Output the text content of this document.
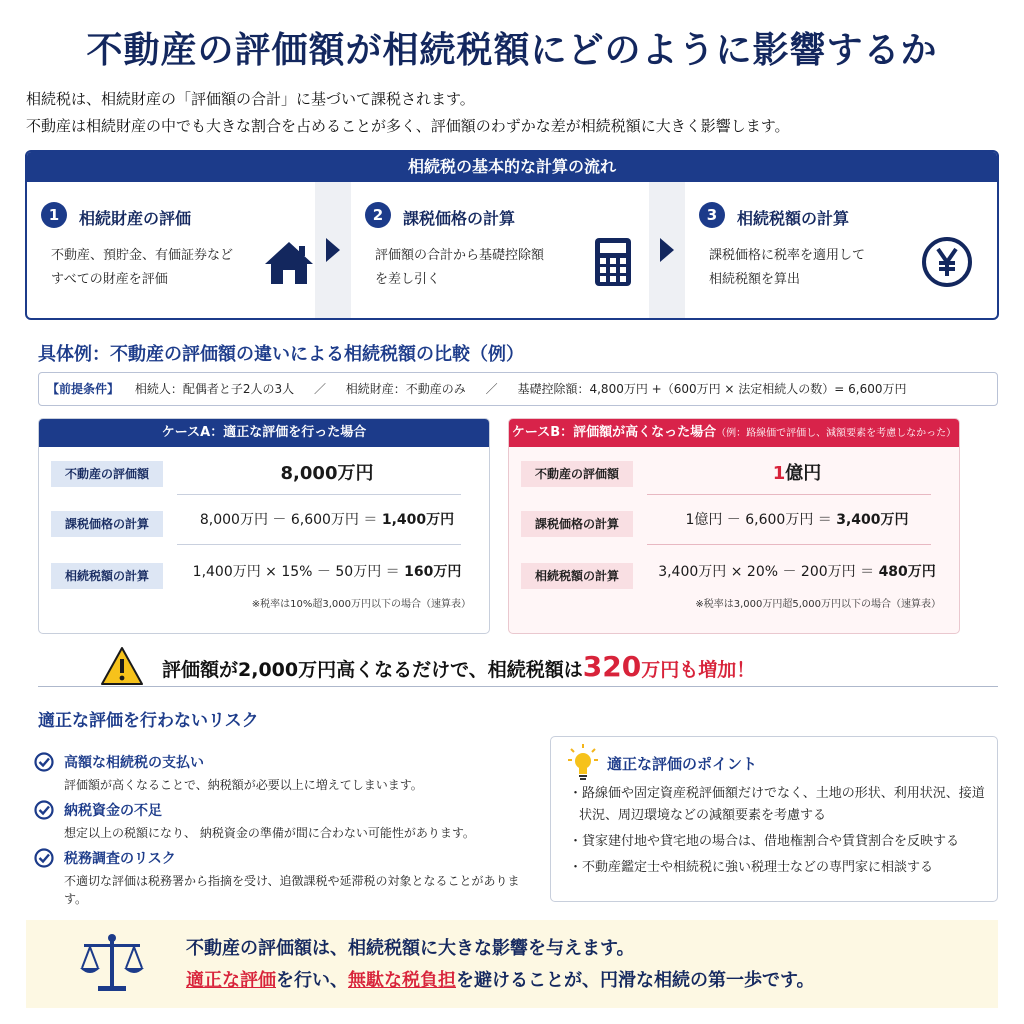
不動産の評価額が相続税額にどのように影響するか
相続税は、相続財産の「評価額の合計」に基づいて課税されます。
不動産は相続財産の中でも大きな割合を占めることが多く、評価額のわずかな差が相続税額に大きく影響します。
相続税の基本的な計算の流れ
1	相続財産の評価
不動産、預貯金、有価証券など
すべての財産を評価
2	課税価格の計算
評価額の合計から基礎控除額
を差し引く
3	相続税額の計算
課税価格に税率を適用して
相続税額を算出
具体例：不動産の評価額の違いによる相続税額の比較（例）
【前提条件】 相続人：配偶者と子2人の3人 ／ 相続財産：不動産のみ ／ 基礎控除額：4,800万円 +（600万円 × 法定相続人の数）= 6,600万円
ケースA：適正な評価を行った場合
不動産の評価額	8,000万円
課税価格の計算	8,000万円 － 6,600万円 ＝ 1,400万円
相続税額の計算	1,400万円 × 15% － 50万円 ＝ 160万円
※税率は10%超3,000万円以下の場合（速算表）
ケースB：評価額が高くなった場合（例：路線価で評価し、減額要素を考慮しなかった）
不動産の評価額	1億円
課税価格の計算	1億円 － 6,600万円 ＝ 3,400万円
相続税額の計算	3,400万円 × 20% － 200万円 ＝ 480万円
※税率は3,000万円超5,000万円以下の場合（速算表）
評価額が2,000万円高くなるだけで、相続税額は320万円も増加！
適正な評価を行わないリスク
高額な相続税の支払い
評価額が高くなることで、納税額が必要以上に増えてしまいます。
納税資金の不足
想定以上の税額になり、 納税資金の準備が間に合わない可能性があります。
税務調査のリスク
不適切な評価は税務署から指摘を受け、追徴課税や延滞税の対象となることがあります。
適正な評価のポイント
・ 路線価や固定資産税評価額だけでなく、土地の形状、利用状況、接道状況、周辺環境などの減額要素を考慮する
・ 貸家建付地や貸宅地の場合は、借地権割合や賃貸割合を反映する
・ 不動産鑑定士や相続税に強い税理士などの専門家に相談する
不動産の評価額は、相続税額に大きな影響を与えます。
適正な評価を行い、無駄な税負担を避けることが、円滑な相続の第一歩です。
